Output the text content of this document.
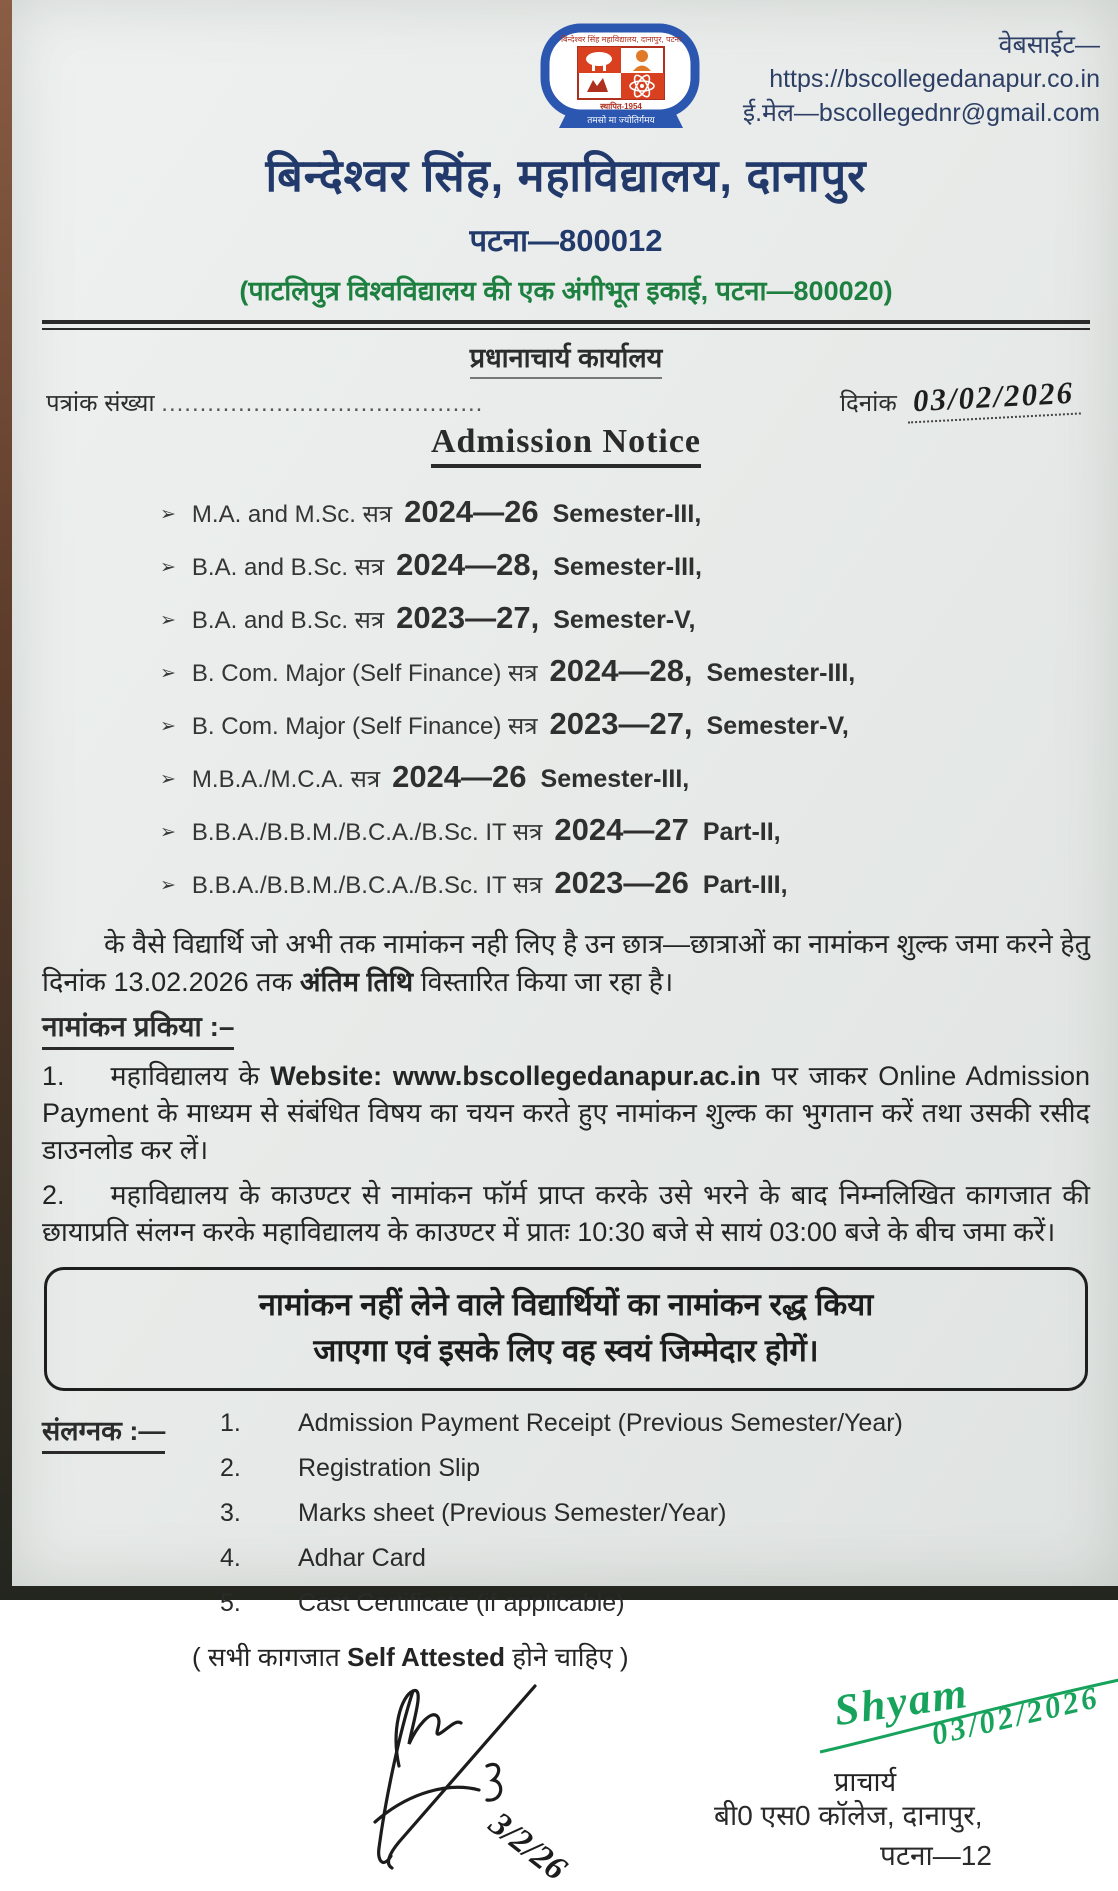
बिन्देश्वर सिंह महाविद्यालय, दानापुर, पटना
स्थापित-1954
तमसो मा ज्योतिर्गमय
वेबसाईट—https://bscollegedanapur.co.in
ई.मेल—bscollegednr@gmail.com
बिन्देश्वर सिंह, महाविद्यालय, दानापुर
पटना—800012
(पाटलिपुत्र विश्वविद्यालय की एक अंगीभूत इकाई, पटना—800020)
प्रधानाचार्य कार्यालय
पत्रांक संख्या ..........................................	दिनांक 03/02/2026
Admission Notice
➢ M.A. and M.Sc. सत्र 2024—26 Semester-III,
➢ B.A. and B.Sc. सत्र 2024—28, Semester-III,
➢ B.A. and B.Sc. सत्र 2023—27, Semester-V,
➢ B. Com. Major (Self Finance) सत्र 2024—28, Semester-III,
➢ B. Com. Major (Self Finance) सत्र 2023—27, Semester-V,
➢ M.B.A./M.C.A. सत्र 2024—26 Semester-III,
➢ B.B.A./B.B.M./B.C.A./B.Sc. IT सत्र 2024—27 Part-II,
➢ B.B.A./B.B.M./B.C.A./B.Sc. IT सत्र 2023—26 Part-III,
के वैसे विद्यार्थि जो अभी तक नामांकन नही लिए है उन छात्र—छात्राओं का नामांकन शुल्क जमा करने हेतु दिनांक 13.02.2026 तक अंतिम तिथि विस्तारित किया जा रहा है।
नामांकन प्रकिया :–
1. महाविद्यालय के Website: www.bscollegedanapur.ac.in पर जाकर Online Admission Payment के माध्यम से संबंधित विषय का चयन करते हुए नामांकन शुल्क का भुगतान करें तथा उसकी रसीद डाउनलोड कर लें।
2. महाविद्यालय के काउण्टर से नामांकन फॉर्म प्राप्त करके उसे भरने के बाद निम्नलिखित कागजात की छायाप्रति संलग्न करके महाविद्यालय के काउण्टर में प्रातः 10:30 बजे से सायं 03:00 बजे के बीच जमा करें।
नामांकन नहीं लेने वाले विद्यार्थियों का नामांकन रद्ध किया
जाएगा एवं इसके लिए वह स्वयं जिम्मेदार होगें।
संलग्नक :—	1.	Admission Payment Receipt (Previous Semester/Year)
2.	Registration Slip
3.	Marks sheet (Previous Semester/Year)
4.	Adhar Card
5.	Cast Certificate (if applicable)
( सभी कागजात Self Attested होने चाहिए )
3/2/26
Shyam
03/02/2026
प्राचार्य
बी0 एस0 कॉलेज, दानापुर,
पटना—12
